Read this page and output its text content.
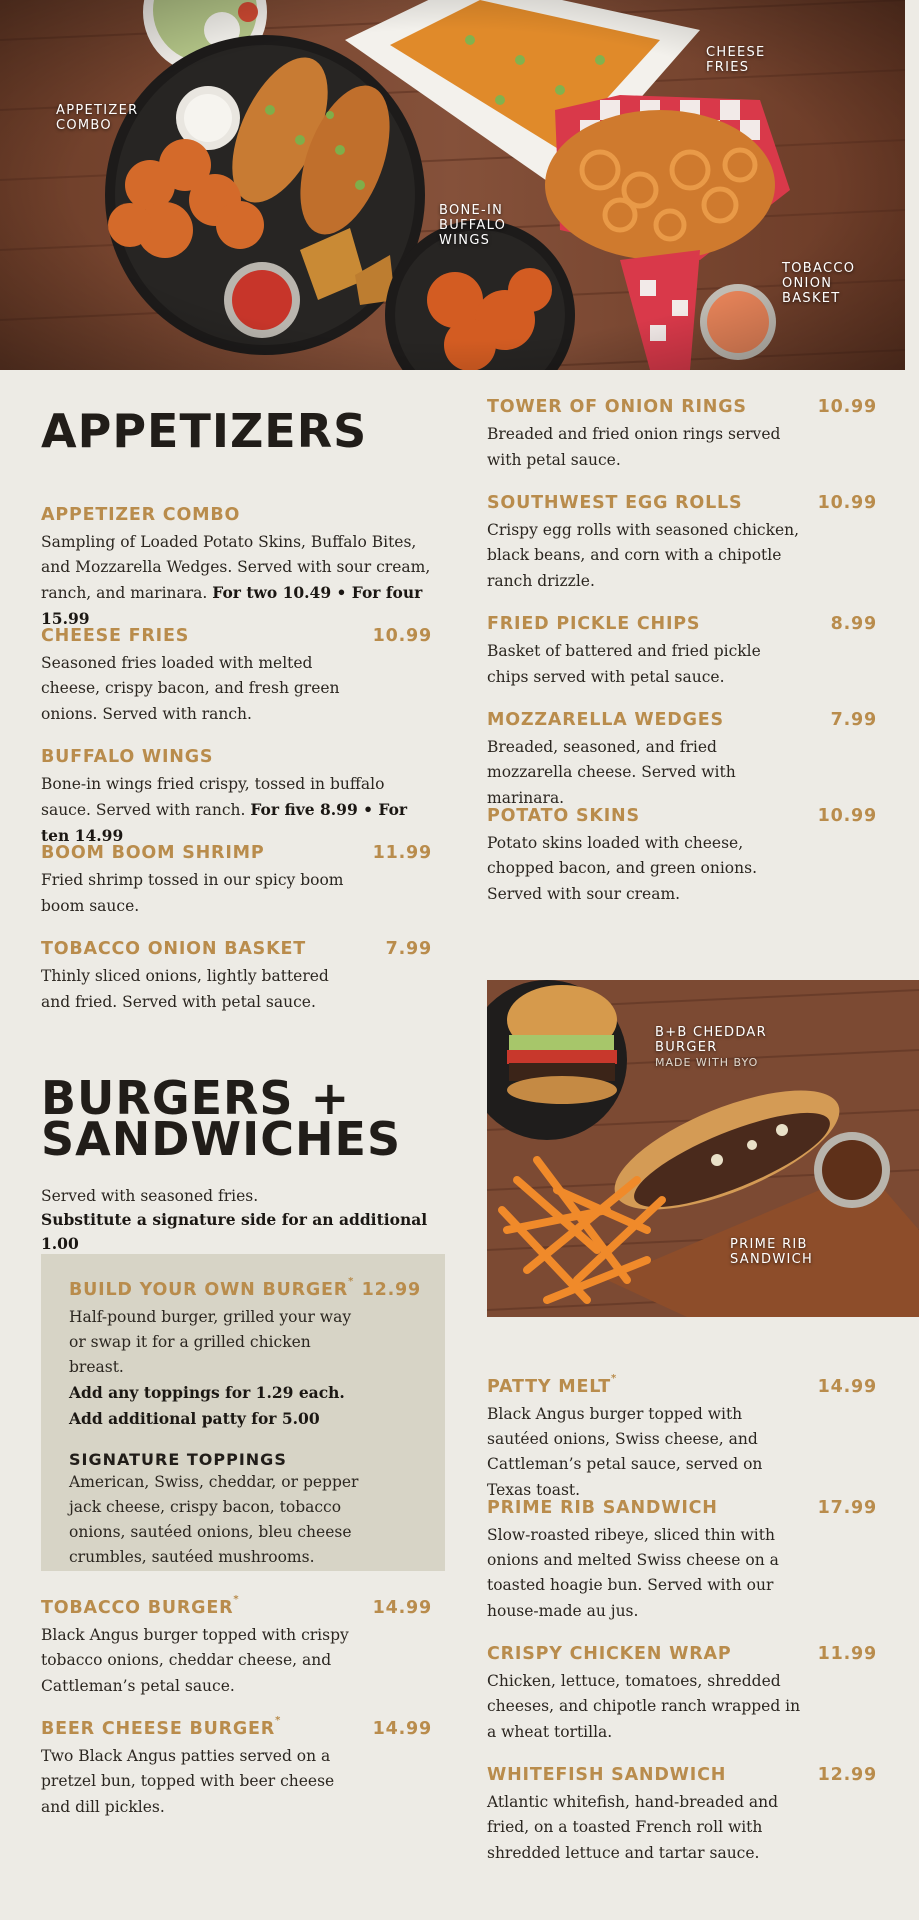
APPETIZER COMBO
CHEESE FRIES
BONE-IN BUFFALO WINGS
TOBACCO ONION BASKET
APPETIZERS
APPETIZER COMBO
Sampling of Loaded Potato Skins, Buffalo Bites, and Mozzarella Wedges. Served with sour cream, ranch, and marinara. For two 10.49 • For four 15.99
CHEESE FRIES	10.99
Seasoned fries loaded with melted cheese, crispy bacon, and fresh green onions. Served with ranch.
BUFFALO WINGS
Bone-in wings fried crispy, tossed in buffalo sauce. Served with ranch. For five 8.99 • For ten 14.99
BOOM BOOM SHRIMP	11.99
Fried shrimp tossed in our spicy boom boom sauce.
TOBACCO ONION BASKET	7.99
Thinly sliced onions, lightly battered and fried. Served with petal sauce.
TOWER OF ONION RINGS	10.99
Breaded and fried onion rings served with petal sauce.
SOUTHWEST EGG ROLLS	10.99
Crispy egg rolls with seasoned chicken, black beans, and corn with a chipotle ranch drizzle.
FRIED PICKLE CHIPS	8.99
Basket of battered and fried pickle chips served with petal sauce.
MOZZARELLA WEDGES	7.99
Breaded, seasoned, and fried mozzarella cheese. Served with marinara.
POTATO SKINS	10.99
Potato skins loaded with cheese, chopped bacon, and green onions. Served with sour cream.
B+B CHEDDAR BURGER
MADE WITH BYO
PRIME RIB SANDWICH
BURGERS +
SANDWICHES
Served with seasoned fries.
Substitute a signature side for an additional 1.00
BUILD YOUR OWN BURGER* 12.99
Half-pound burger, grilled your way or swap it for a grilled chicken breast.
Add any toppings for 1.29 each.
Add additional patty for 5.00
SIGNATURE TOPPINGS
American, Swiss, cheddar, or pepper jack cheese, crispy bacon, tobacco onions, sautéed onions, bleu cheese crumbles, sautéed mushrooms.
TOBACCO BURGER*	14.99
Black Angus burger topped with crispy tobacco onions, cheddar cheese, and Cattleman’s petal sauce.
BEER CHEESE BURGER*	14.99
Two Black Angus patties served on a pretzel bun, topped with beer cheese and dill pickles.
PATTY MELT*	14.99
Black Angus burger topped with sautéed onions, Swiss cheese, and Cattleman’s petal sauce, served on Texas toast.
PRIME RIB SANDWICH	17.99
Slow-roasted ribeye, sliced thin with onions and melted Swiss cheese on a toasted hoagie bun. Served with our house-made au jus.
CRISPY CHICKEN WRAP	11.99
Chicken, lettuce, tomatoes, shredded cheeses, and chipotle ranch wrapped in a wheat tortilla.
WHITEFISH SANDWICH	12.99
Atlantic whitefish, hand-breaded and fried, on a toasted French roll with shredded lettuce and tartar sauce.
